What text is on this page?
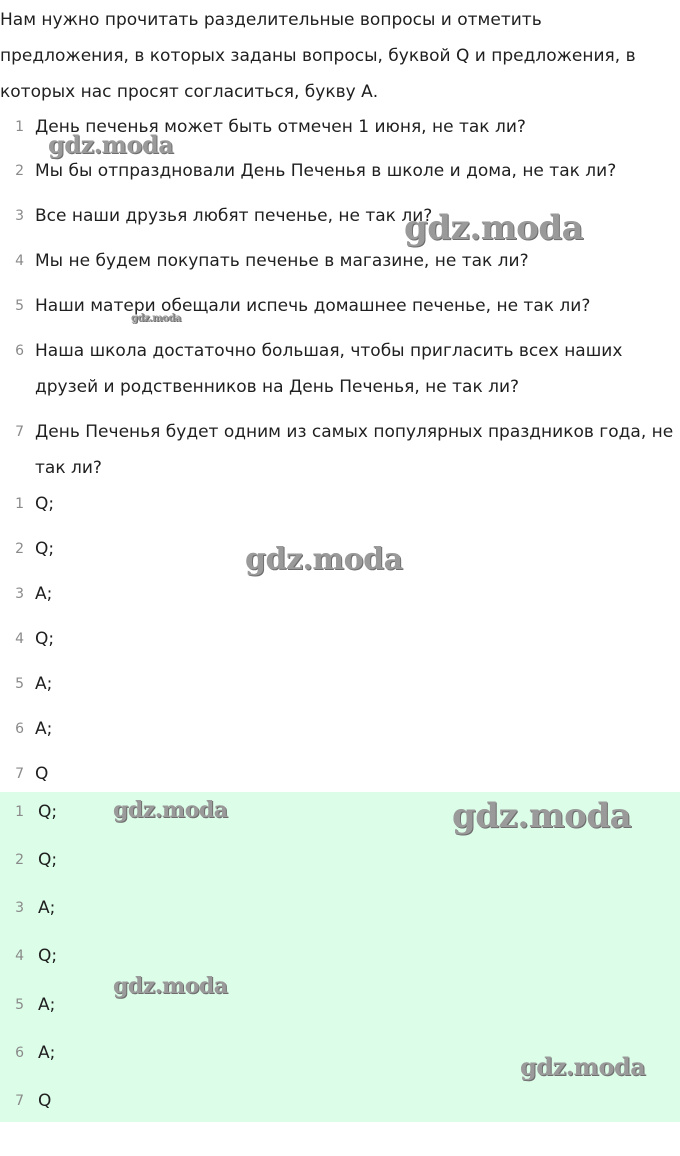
Нам нужно прочитать разделительные вопросы и отметить предложения, в которых заданы вопросы, буквой Q и предложения, в которых нас просят согласиться, букву А.

1 День печенья может быть отмечен 1 июня, не так ли?
2 Мы бы отпраздновали День Печенья в школе и дома, не так ли?
3 Все наши друзья любят печенье, не так ли?
4 Мы не будем покупать печенье в магазине, не так ли?
5 Наши матери обещали испечь домашнее печенье, не так ли?
6 Наша школа достаточно большая, чтобы пригласить всех наших друзей и родственников на День Печенья, не так ли?
7 День Печенья будет одним из самых популярных праздников года, не так ли?
1 Q;
2 Q;
3 A;
4 Q;
5 A;
6 A;
7 Q
1 Q;
2 Q;
3 A;
4 Q;
5 A;
6 A;
7 Q
gdz.moda
gdz.moda
gdz.moda
gdz.moda
gdz.moda	gdz.moda
gdz.moda
gdz.moda
